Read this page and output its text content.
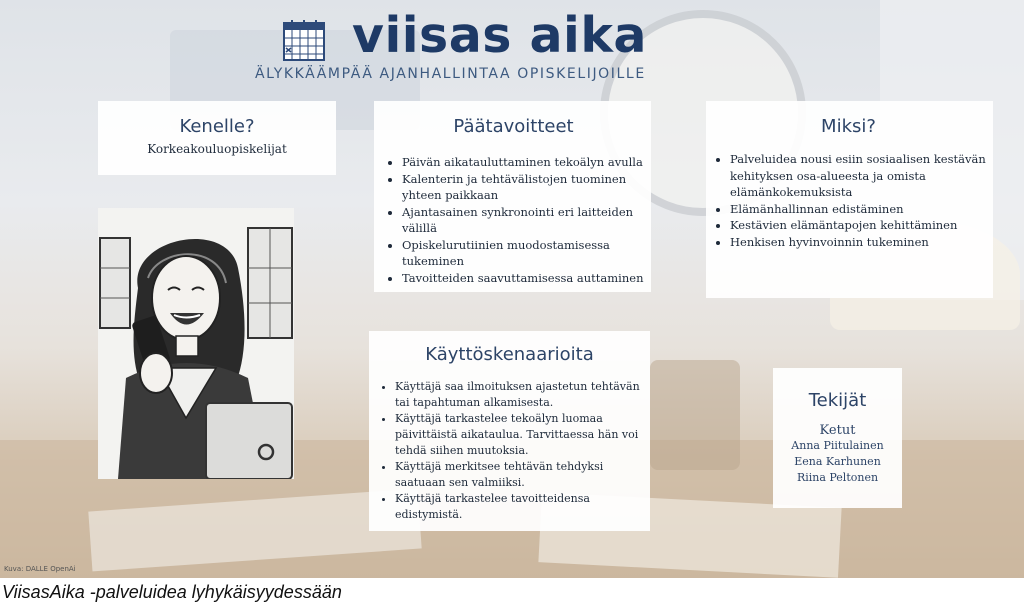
viisas aika
ÄLYKKÄÄMPÄÄ AJANHALLINTAA OPISKELIJOILLE
Kenelle?
Korkeakouluopiskelijat
Päätavoitteet
• Päivän aikatauluttaminen tekoälyn avulla
• Kalenterin ja tehtävälistojen tuominen yhteen paikkaan
• Ajantasainen synkronointi eri laitteiden välillä
• Opiskelurutiinien muodostamisessa tukeminen
• Tavoitteiden saavuttamisessa auttaminen
Miksi?
• Palveluidea nousi esiin sosiaalisen kestävän kehityksen osa-alueesta ja omista elämänkokemuksista
• Elämänhallinnan edistäminen
• Kestävien elämäntapojen kehittäminen
• Henkisen hyvinvoinnin tukeminen
Käyttöskenaarioita
• Käyttäjä saa ilmoituksen ajastetun tehtävän tai tapahtuman alkamisesta.
• Käyttäjä tarkastelee tekoälyn luomaa päivittäistä aikataulua. Tarvittaessa hän voi tehdä siihen muutoksia.
• Käyttäjä merkitsee tehtävän tehdyksi saatuaan sen valmiiksi.
• Käyttäjä tarkastelee tavoitteidensa edistymistä.
Tekijät
Ketut
Anna Piitulainen
Eena Karhunen
Riina Peltonen
Kuva: DALLE OpenAi
ViisasAika -palveluidea lyhykäisyydessään
